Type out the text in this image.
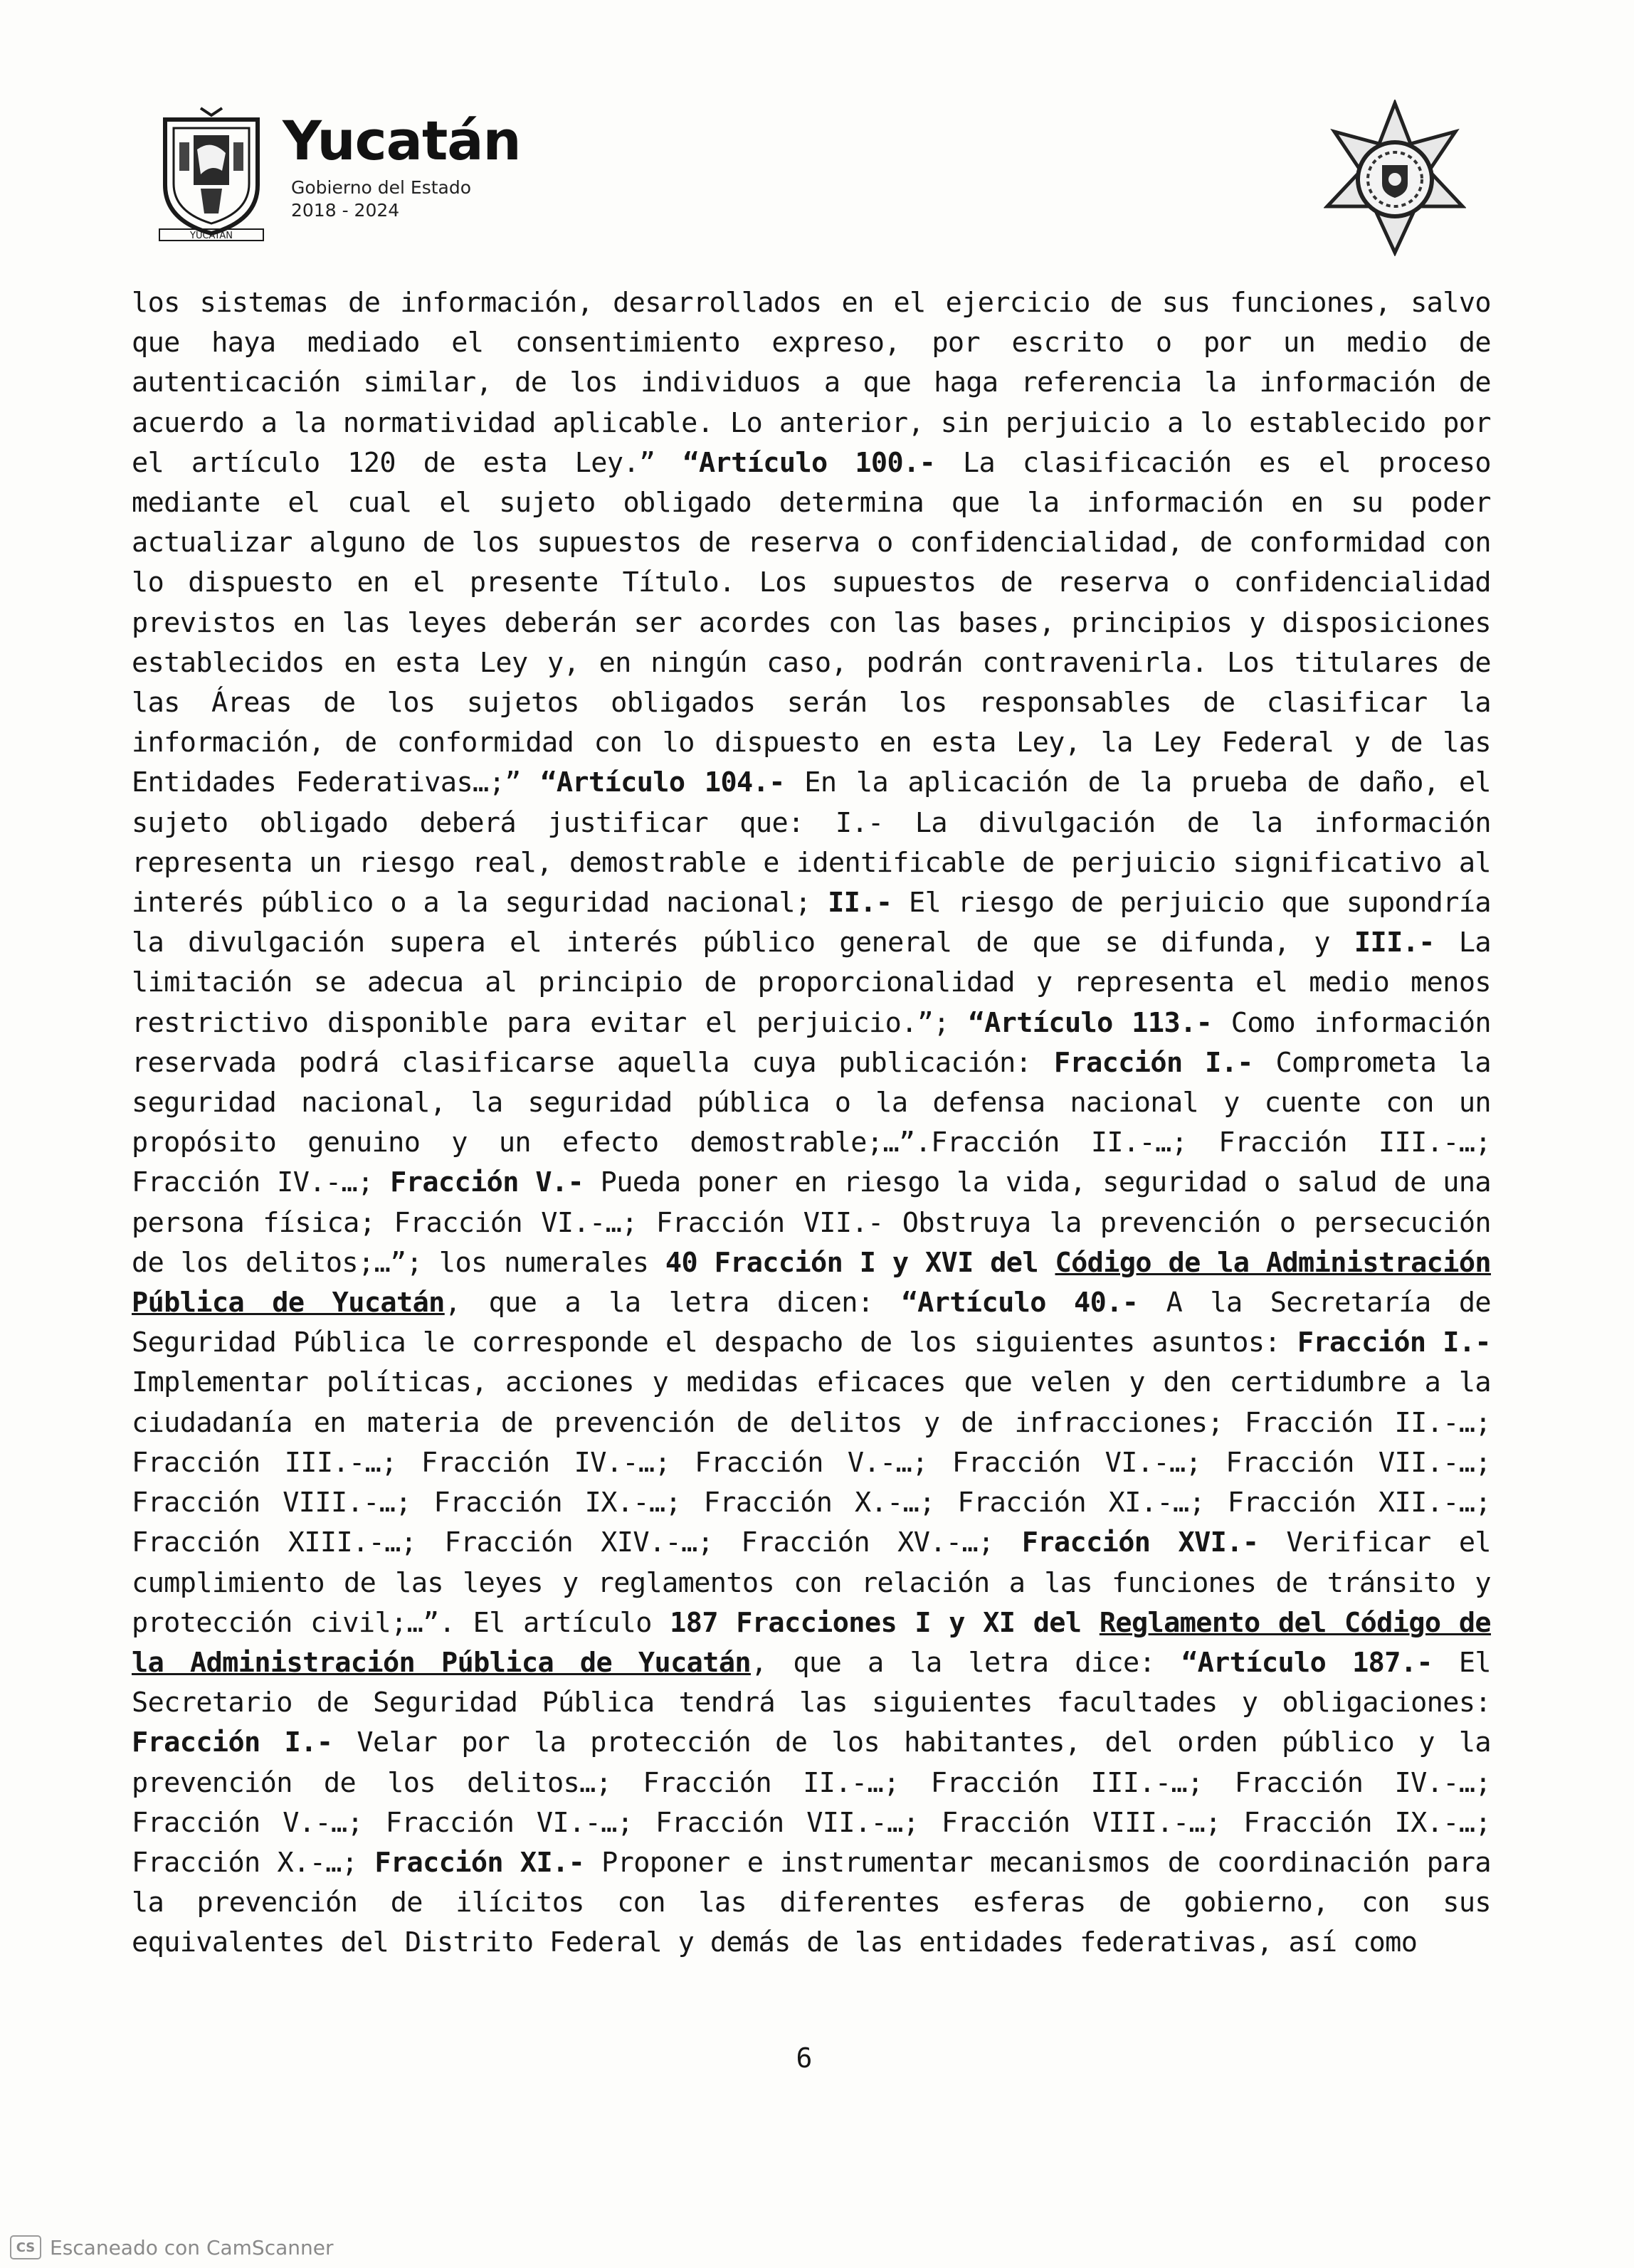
YUCATAN
Yucatán
Gobierno del Estado
2018 - 2024

los sistemas de información, desarrollados en el ejercicio de sus funciones, salvo que haya mediado el consentimiento expreso, por escrito o por un medio de autenticación similar, de los individuos a que haga referencia la información de acuerdo a la normatividad aplicable. Lo anterior, sin perjuicio a lo establecido por el artículo 120 de esta Ley.” “Artículo 100.- La clasificación es el proceso mediante el cual el sujeto obligado determina que la información en su poder actualizar alguno de los supuestos de reserva o confidencialidad, de conformidad con lo dispuesto en el presente Título. Los supuestos de reserva o confidencialidad previstos en las leyes deberán ser acordes con las bases, principios y disposiciones establecidos en esta Ley y, en ningún caso, podrán contravenirla. Los titulares de las Áreas de los sujetos obligados serán los responsables de clasificar la información, de conformidad con lo dispuesto en esta Ley, la Ley Federal y de las Entidades Federativas…;” “Artículo 104.- En la aplicación de la prueba de daño, el sujeto obligado deberá justificar que: I.- La divulgación de la información representa un riesgo real, demostrable e identificable de perjuicio significativo al interés público o a la seguridad nacional; II.- El riesgo de perjuicio que supondría la divulgación supera el interés público general de que se difunda, y III.- La limitación se adecua al principio de proporcionalidad y representa el medio menos restrictivo disponible para evitar el perjuicio.”; “Artículo 113.- Como información reservada podrá clasificarse aquella cuya publicación: Fracción I.- Comprometa la seguridad nacional, la seguridad pública o la defensa nacional y cuente con un propósito genuino y un efecto demostrable;…”.Fracción II.-…; Fracción III.-…; Fracción IV.-…; Fracción V.- Pueda poner en riesgo la vida, seguridad o salud de una persona física; Fracción VI.-…; Fracción VII.- Obstruya la prevención o persecución de los delitos;…”; los numerales 40 Fracción I y XVI del Código de la Administración Pública de Yucatán, que a la letra dicen: “Artículo 40.- A la Secretaría de Seguridad Pública le corresponde el despacho de los siguientes asuntos: Fracción I.- Implementar políticas, acciones y medidas eficaces que velen y den certidumbre a la ciudadanía en materia de prevención de delitos y de infracciones; Fracción II.-…; Fracción III.-…; Fracción IV.-…; Fracción V.-…; Fracción VI.-…; Fracción VII.-…; Fracción VIII.-…; Fracción IX.-…; Fracción X.-…; Fracción XI.-…; Fracción XII.-…; Fracción XIII.-…; Fracción XIV.-…; Fracción XV.-…; Fracción XVI.- Verificar el cumplimiento de las leyes y reglamentos con relación a las funciones de tránsito y protección civil;…”. El artículo 187 Fracciones I y XI del Reglamento del Código de la Administración Pública de Yucatán, que a la letra dice: “Artículo 187.- El Secretario de Seguridad Pública tendrá las siguientes facultades y obligaciones: Fracción I.- Velar por la protección de los habitantes, del orden público y la prevención de los delitos…; Fracción II.-…; Fracción III.-…; Fracción IV.-…; Fracción V.-…; Fracción VI.-…; Fracción VII.-…; Fracción VIII.-…; Fracción IX.-…; Fracción X.-…; Fracción XI.- Proponer e instrumentar mecanismos de coordinación para la prevención de ilícitos con las diferentes esferas de gobierno, con sus equivalentes del Distrito Federal y demás de las entidades federativas, así como

6
CS Escaneado con CamScanner
